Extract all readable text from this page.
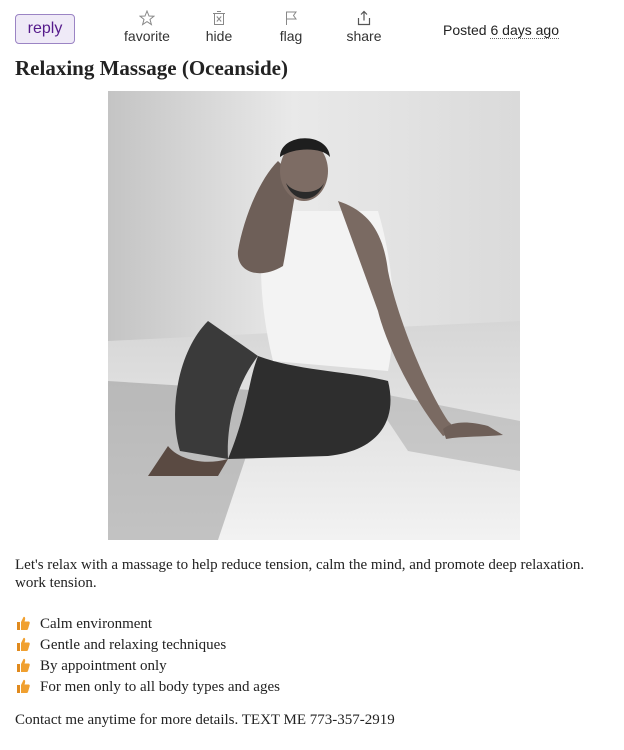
reply	favorite	hide	flag	share	Posted 6 days ago
Relaxing Massage (Oceanside)

Let's relax with a massage to help reduce tension, calm the mind, and promote deep relaxation.

work tension.

Calm environment
Gentle and relaxing techniques
By appointment only
For men only to all body types and ages
Contact me anytime for more details. TEXT ME 773-357-2919
